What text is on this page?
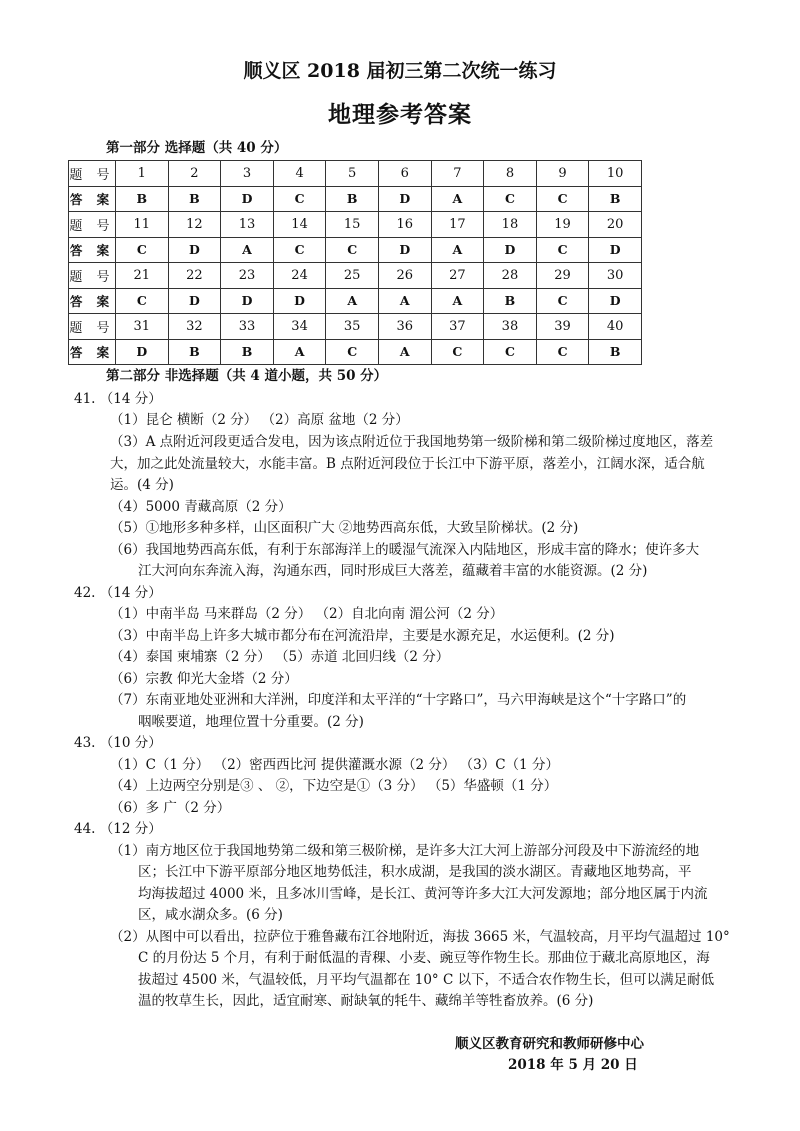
顺义区 2018 届初三第二次统一练习
地理参考答案
第一部分 选择题（共 40 分）
题 号	1	2	3	4	5	6	7	8	9	10
答 案	B	B	D	C	B	D	A	C	C	B
题 号	11	12	13	14	15	16	17	18	19	20
答 案	C	D	A	C	C	D	A	D	C	D
题 号	21	22	23	24	25	26	27	28	29	30
答 案	C	D	D	D	A	A	A	B	C	D
题 号	31	32	33	34	35	36	37	38	39	40
答 案	D	B	B	A	C	A	C	C	C	B
第二部分 非选择题（共 4 道小题，共 50 分）
41. （14 分）
（1）昆仑 横断（2 分） （2）高原 盆地（2 分）
（3）A 点附近河段更适合发电，因为该点附近位于我国地势第一级阶梯和第二级阶梯过度地区，落差
大，加之此处流量较大，水能丰富。B 点附近河段位于长江中下游平原，落差小，江阔水深，适合航
运。(4 分)
（4）5000 青藏高原（2 分）
（5）①地形多种多样，山区面积广大 ②地势西高东低，大致呈阶梯状。(2 分)
（6）我国地势西高东低，有利于东部海洋上的暖湿气流深入内陆地区，形成丰富的降水；使许多大
江大河向东奔流入海，沟通东西，同时形成巨大落差，蕴藏着丰富的水能资源。(2 分)
42. （14 分）
（1）中南半岛 马来群岛（2 分） （2）自北向南 湄公河（2 分）
（3）中南半岛上许多大城市都分布在河流沿岸，主要是水源充足，水运便利。(2 分)
（4）泰国 柬埔寨（2 分） （5）赤道 北回归线（2 分）
（6）宗教 仰光大金塔（2 分）
（7）东南亚地处亚洲和大洋洲，印度洋和太平洋的“十字路口”，马六甲海峡是这个“十字路口”的
咽喉要道，地理位置十分重要。(2 分)
43. （10 分）
（1）C（1 分） （2）密西西比河 提供灌溉水源（2 分） （3）C（1 分）
（4）上边两空分别是③ 、 ②，下边空是①（3 分） （5）华盛顿（1 分）
（6）多 广（2 分）
44. （12 分）
（1）南方地区位于我国地势第二级和第三极阶梯，是许多大江大河上游部分河段及中下游流经的地
区；长江中下游平原部分地区地势低洼，积水成湖，是我国的淡水湖区。青藏地区地势高，平
均海拔超过 4000 米，且多冰川雪峰，是长江、黄河等许多大江大河发源地；部分地区属于内流
区，咸水湖众多。(6 分)
（2）从图中可以看出，拉萨位于雅鲁藏布江谷地附近，海拔 3665 米，气温较高，月平均气温超过 10°
C 的月份达 5 个月，有利于耐低温的青稞、小麦、豌豆等作物生长。那曲位于藏北高原地区，海
拔超过 4500 米，气温较低，月平均气温都在 10° C 以下，不适合农作物生长，但可以满足耐低
温的牧草生长，因此，适宜耐寒、耐缺氧的牦牛、藏绵羊等牲畜放养。(6 分)
顺义区教育研究和教师研修中心
2018 年 5 月 20 日
